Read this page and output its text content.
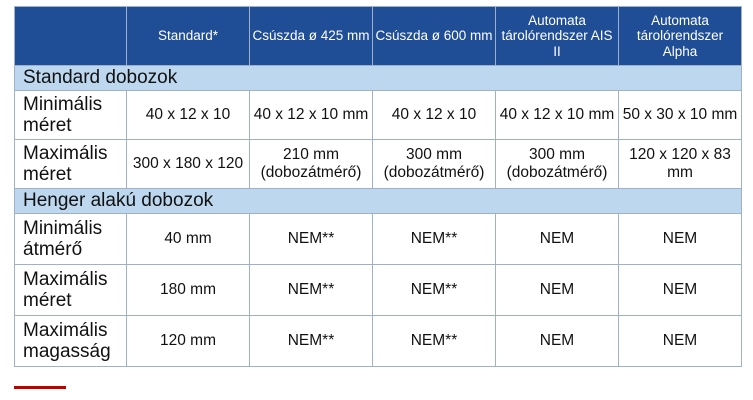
	Standard*	Csúszda ø 425 mm	Csúszda ø 600 mm	Automata tárolórendszer AIS II	Automata tárolórendszer Alpha
Standard dobozok					
Minimális méret	40 x 12 x 10	40 x 12 x 10 mm	40 x 12 x 10	40 x 12 x 10 mm	50 x 30 x 10 mm
Maximális méret	300 x 180 x 120	210 mm (dobozátmérő)	300 mm (dobozátmérő)	300 mm (dobozátmérő)	120 x 120 x 83 mm
Henger alakú dobozok					
Minimális átmérő	40 mm	NEM**	NEM**	NEM	NEM
Maximális méret	180 mm	NEM**	NEM**	NEM	NEM
Maximális magasság	120 mm	NEM**	NEM**	NEM	NEM
